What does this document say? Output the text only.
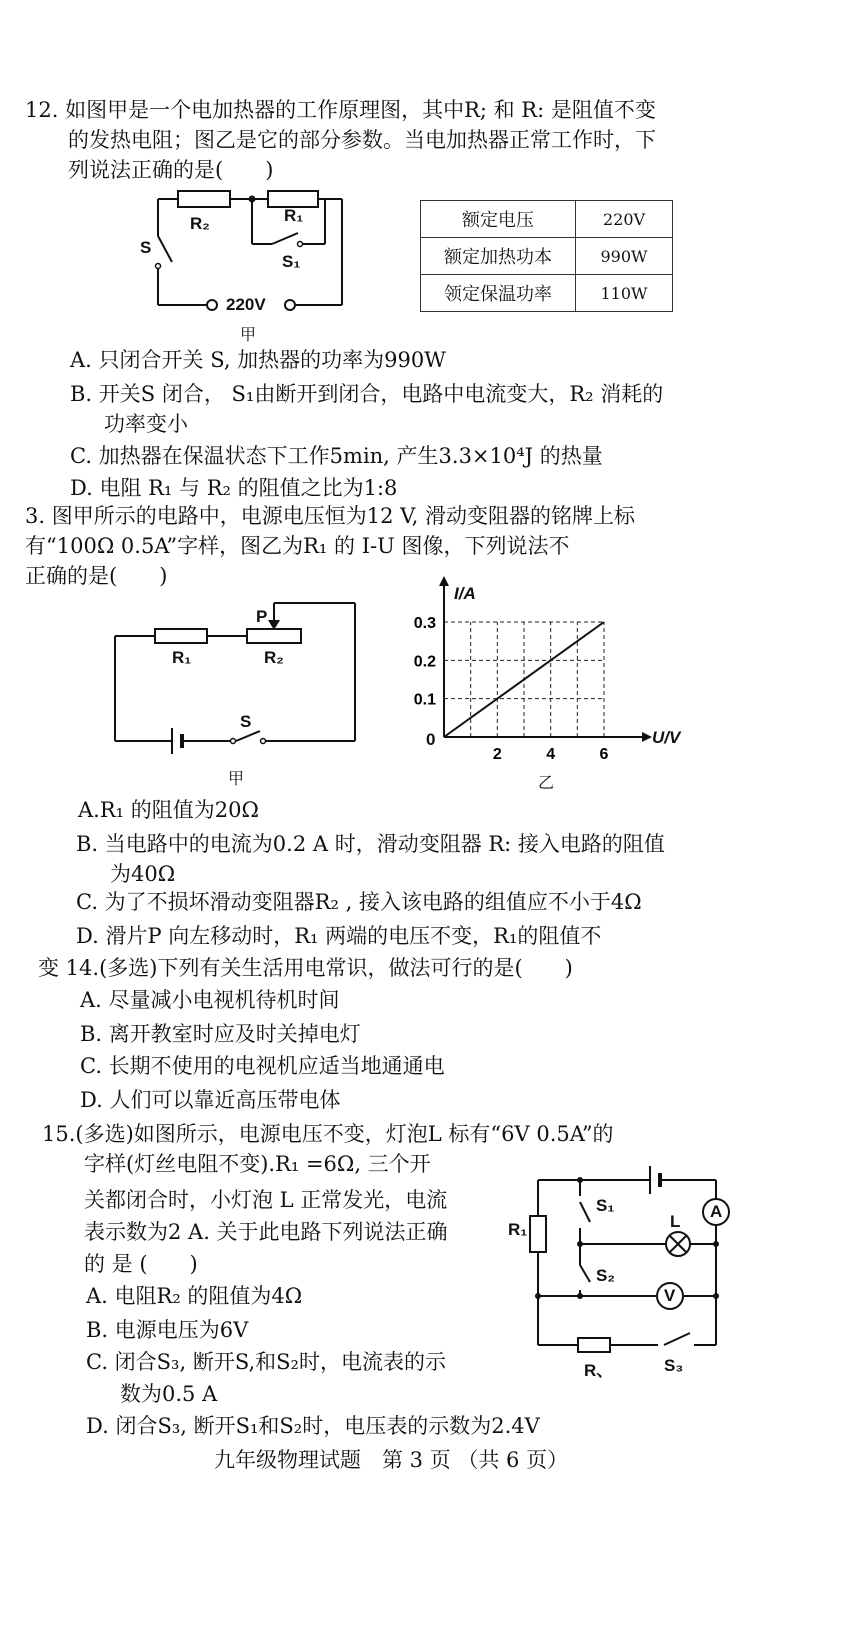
12. 如图甲是一个电加热器的工作原理图，其中R; 和 R: 是阻值不变
的发热电阻；图乙是它的部分参数。当电加热器正常工作时，下
列说法正确的是(　　)
R₂	R₁
S
S₁
220V
甲
额定电压	220V
额定加热功本	990W
领定保温功率	110W
A. 只闭合开关 S, 加热器的功率为990W
B. 开关S 闭合， S₁由断开到闭合，电路中电流变大，R₂ 消耗的
功率变小
C. 加热器在保温状态下工作5min, 产生3.3×10⁴J 的热量
D. 电阻 R₁ 与 R₂ 的阻值之比为1:8
3. 图甲所示的电路中，电源电压恒为12 V, 滑动变阻器的铭牌上标
有“100Ω 0.5A”字样，图乙为R₁ 的 I-U 图像，下列说法不
正确的是(　　)
P
R₁	R₂
S
甲
2	4	6
0.1
0.2
0.3
I/A
U/V
0
乙
A.R₁ 的阻值为20Ω
B. 当电路中的电流为0.2 A 时，滑动变阻器 R: 接入电路的阻值
为40Ω
C. 为了不损坏滑动变阻器R₂ , 接入该电路的组值应不小于4Ω
D. 滑片P 向左移动时，R₁ 两端的电压不变，R₁的阻值不
变 14.(多选)下列有关生活用电常识，做法可行的是(　　)
A. 尽量减小电视机待机时间
B. 离开教室时应及时关掉电灯
C. 长期不使用的电视机应适当地通通电
D. 人们可以靠近高压带电体
15.(多选)如图所示，电源电压不变，灯泡L 标有“6V 0.5A”的
字样(灯丝电阻不变).R₁ =6Ω, 三个开
关都闭合时，小灯泡 L 正常发光，电流
表示数为2 A. 关于此电路下列说法正确
的 是 (　　)
S₁
L
A
R₁
S₂
V
R、	S₃
A. 电阻R₂ 的阻值为4Ω
B. 电源电压为6V
C. 闭合S₃, 断开S,和S₂时，电流表的示
数为0.5 A
D. 闭合S₃, 断开S₁和S₂时，电压表的示数为2.4V
九年级物理试题　第 3 页 （共 6 页）
